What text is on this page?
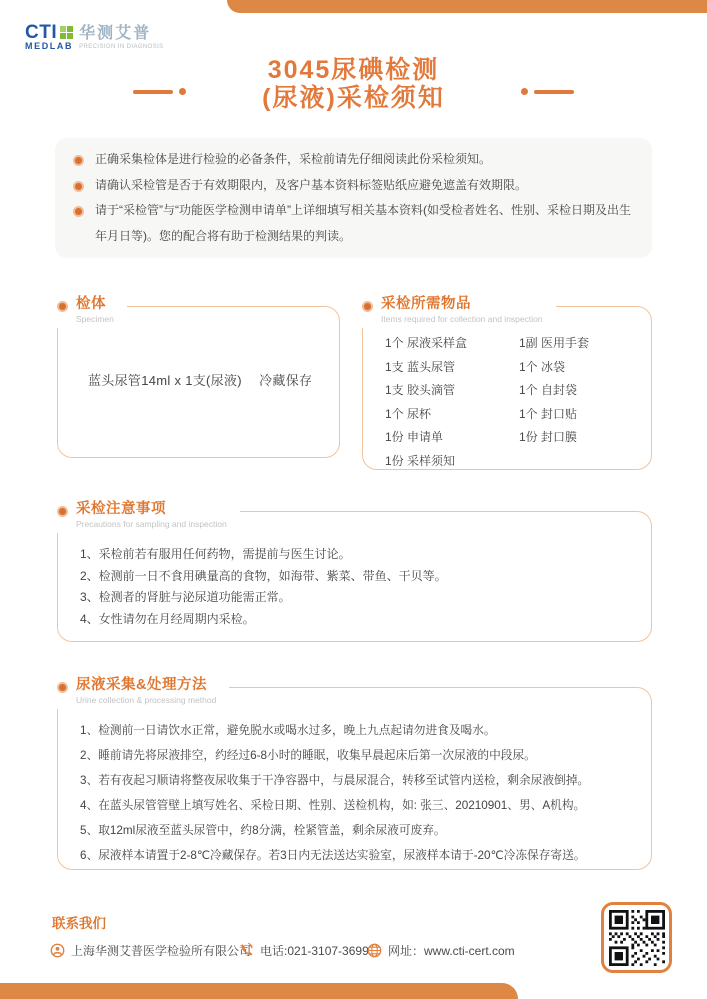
CTI
MEDLAB
华测艾普
PRECISION IN DIAGNOSIS
3045尿碘检测
(尿液)采检须知
正确采集检体是进行检验的必备条件，采检前请先仔细阅读此份采检须知。
请确认采检管是否于有效期限内，及客户基本资料标签贴纸应避免遮盖有效期限。
请于“采检管”与“功能医学检测申请单”上详细填写相关基本资料(如受检者姓名、性别、采检日期及出生年月日等)。您的配合将有助于检测结果的判读。
检体
Specimen
蓝头尿管14ml x 1支(尿液)　 冷藏保存
采检所需物品
Items required for collection and inspection
1个 尿液采样盒
1支 蓝头尿管
1支 胶头滴管
1个 尿杯
1份 申请单
1份 采样须知
1副 医用手套
1个 冰袋
1个 自封袋
1个 封口贴
1份 封口膜
采检注意事项
Precautions for sampling and inspection
1、采检前若有服用任何药物，需提前与医生讨论。
2、检测前一日不食用碘量高的食物，如海带、紫菜、带鱼、干贝等。
3、检测者的肾脏与泌尿道功能需正常。
4、女性请勿在月经周期内采检。
尿液采集&处理方法
Urine collection & processing method
1、检测前一日请饮水正常，避免脱水或喝水过多，晚上九点起请勿进食及喝水。
2、睡前请先将尿液排空，约经过6-8小时的睡眠，收集早晨起床后第一次尿液的中段尿。
3、若有夜起习顺请将整夜尿收集于干净容器中，与晨尿混合，转移至试管内送检，剩余尿液倒掉。
4、在蓝头尿管管壁上填写姓名、采检日期、性别、送检机构，如: 张三、20210901、男、A机构。
5、取12ml尿液至蓝头尿管中，约8分满，栓紧管盖，剩余尿液可废弃。
6、尿液样本请置于2-8℃冷藏保存。若3日内无法送达实验室，尿液样本请于-20℃冷冻保存寄送。
联系我们
上海华测艾普医学检验所有限公司 电话:021-3107-3699 网址：www.cti-cert.com
